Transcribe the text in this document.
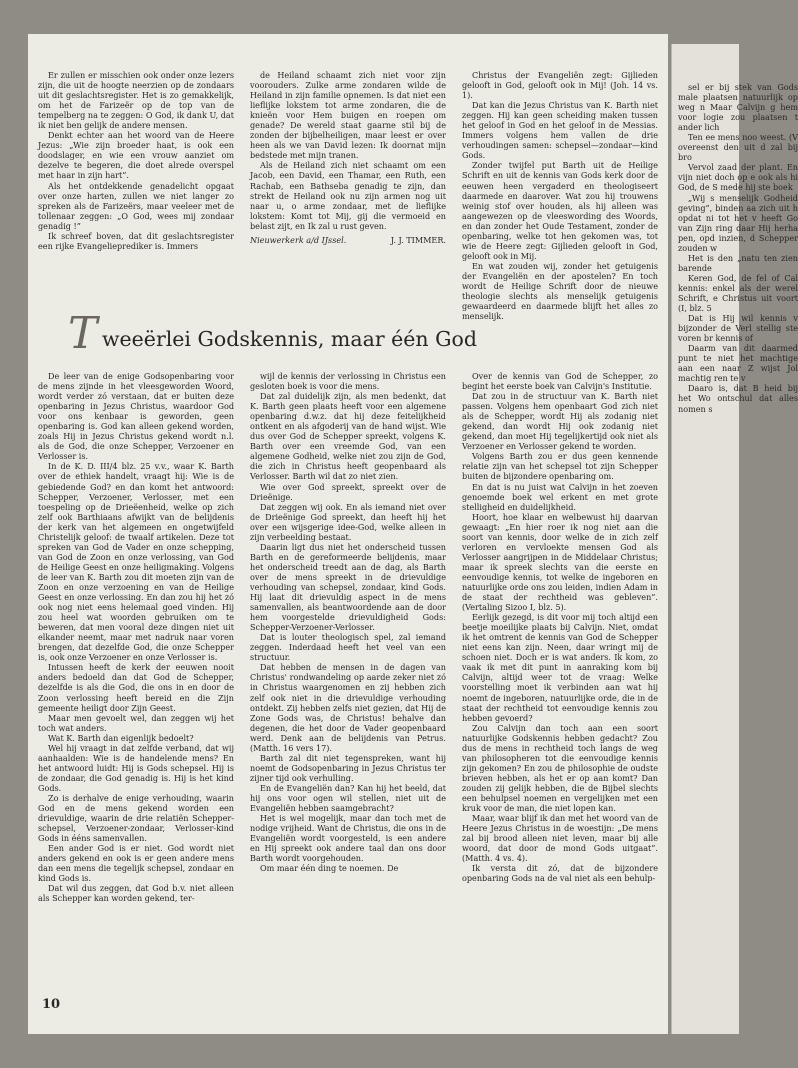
Er zullen er misschien ook onder onze lezers zijn, die uit de hoogte neerzien op de zondaars uit dit geslachtsregister. Het is zo gemakkelijk, om het de Farizeër op de top van de tempelberg na te zeggen: O God, ik dank U, dat ik niet ben gelijk de andere mensen.

Denkt echter aan het woord van de Heere Jezus: „Wie zijn broeder haat, is ook een doodslager, en wie een vrouw aanziet om dezelve te begeren, die doet alrede overspel met haar in zijn hart”.

Als het ontdekkende genadelicht opgaat over onze harten, zullen we niet langer zo spreken als de Farizeërs, maar veeleer met de tollenaar zeggen: „O God, wees mij zondaar genadig !”

Ik schreef boven, dat dit geslachtsregister een rijke Evangelieprediker is. Immers

de Heiland schaamt zich niet voor zijn voorouders. Zulke arme zondaren wilde de Heiland in zijn familie opnemen. Is dat niet een lieflijke lokstem tot arme zondaren, die de knieën voor Hem buigen en roepen om genade? De wereld staat gaarne stil bij de zonden der bijbelheiligen, maar leest er over heen als we van David lezen: Ik doornat mijn bedstede met mijn tranen.

Als de Heiland zich niet schaamt om een Jacob, een David, een Thamar, een Ruth, een Rachab, een Bathseba genadig te zijn, dan strekt de Heiland ook nu zijn armen nog uit naar u, o arme zondaar, met de lieflijke lokstem: Komt tot Mij, gij die vermoeid en belast zijt, en Ik zal u rust geven.

J. J. TIMMER.

Nieuwerkerk a/d IJssel.

Christus der Evangeliën zegt: Gijlieden gelooft in God, gelooft ook in Mij! (Joh. 14 vs. 1).

Dat kan die Jezus Christus van K. Barth niet zeggen. Hij kan geen scheiding maken tussen het geloof in God en het geloof in de Messias. Immers volgens hem vallen de drie verhoudingen samen: schepsel—zondaar—kind Gods.

Zonder twijfel put Barth uit de Heilige Schrift en uit de kennis van Gods kerk door de eeuwen heen vergaderd en theologiseert daarmede en daarover. Wat zou hij trouwens weinig stof over houden, als hij alleen was aangewezen op de vleeswording des Woords, en dan zonder het Oude Testament, zonder de openbaring, welke tot hen gekomen was, tot wie de Heere zegt: Gijlieden gelooft in God, gelooft ook in Mij.

En wat zouden wij, zonder het getuigenis der Evangeliën en der apostelen? En toch wordt de Heilige Schrift door de nieuwe theologie slechts als menselijk getuigenis gewaardeerd en daarmede blijft het alles zo menselijk.

T weeërlei Godskennis, maar één God

De leer van de enige Godsopenbaring voor de mens zijnde in het vleesgeworden Woord, wordt verder zó verstaan, dat er buiten deze openbaring in Jezus Christus, waardoor God voor ons kenbaar is geworden, geen openbaring is. God kan alleen gekend worden, zoals Hij in Jezus Christus gekend wordt n.l. als de God, die onze Schepper, Verzoener en Verlosser is.

In de K. D. III/4 blz. 25 v.v., waar K. Barth over de ethiek handelt, vraagt hij: Wie is de gebiedende God? en dan komt het antwoord: Schepper, Verzoener, Verlosser, met een toespeling op de Drieëenheid, welke op zich zelf ook Barthiaans afwijkt van de belijdenis der kerk van het algemeen en ongetwijfeld Christelijk geloof: de twaalf artikelen. Deze tot spreken van God de Vader en onze schepping, van God de Zoon en onze verlossing, van God de Heilige Geest en onze heiligmaking. Volgens de leer van K. Barth zou dit moeten zijn van de Zoon en onze verzoening en van de Heilige Geest en onze verlossing. En dan zou hij het zó ook nog niet eens helemaal goed vinden. Hij zou heel wat woorden gebruiken om te beweren, dat men vooral deze dingen niet uit elkander neemt, maar met nadruk naar voren brengen, dat dezelfde God, die onze Schepper is, ook onze Verzoener en onze Verlosser is.

Intussen heeft de kerk der eeuwen nooit anders bedoeld dan dat God de Schepper, dezelfde is als die God, die ons in en door de Zoon verlossing heeft bereid en die Zijn gemeente heiligt door Zijn Geest.

Maar men gevoelt wel, dan zeggen wij het toch wat anders.

Wat K. Barth dan eigenlijk bedoelt?

Wel hij vraagt in dat zelfde verband, dat wij aanhaalden: Wie is de handelende mens? En het antwoord luidt: Hij is Gods schepsel. Hij is de zondaar, die God genadig is. Hij is het kind Gods.

Zo is derhalve de enige verhouding, waarin God en de mens gekend worden een drievuldige, waarin de drie relatiën Schepper-schepsel, Verzoener-zondaar, Verlosser-kind Gods in ééns samenvallen.

Een ander God is er niet. God wordt niet anders gekend en ook is er geen andere mens dan een mens die tegelijk schepsel, zondaar en kind Gods is.

Dat wil dus zeggen, dat God b.v. niet alleen als Schepper kan worden gekend, ter-

wijl de kennis der verlossing in Christus een gesloten boek is voor die mens.

Dat zal duidelijk zijn, als men bedenkt, dat K. Barth geen plaats heeft voor een algemene openbaring d.w.z. dat hij deze feitelijkheid ontkent en als afgoderij van de hand wijst. Wie dus over God de Schepper spreekt, volgens K. Barth over een vreemde God, van een algemene Godheid, welke niet zou zijn de God, die zich in Christus heeft geopenbaard als Verlosser. Barth wil dat zo niet zien.

Wie over God spreekt, spreekt over de Drieënige.

Dat zeggen wij ook. En als iemand niet over de Drieënige God spreekt, dan heeft hij het over een wijsgerige idee-God, welke alleen in zijn verbeelding bestaat.

Daarin ligt dus niet het onderscheid tussen Barth en de gereformeerde belijdenis, maar het onderscheid treedt aan de dag, als Barth over de mens spreekt in de drievuldige verhouding van schepsel, zondaar, kind Gods. Hij laat dit drievuldig aspect in de mens samenvallen, als beantwoordende aan de door hem voorgestelde drievuldigheid Gods: Schepper-Verzoener-Verlosser.

Dat is louter theologisch spel, zal iemand zeggen. Inderdaad heeft het veel van een structuur.

Dat hebben de mensen in de dagen van Christus' rondwandeling op aarde zeker niet zó in Christus waargenomen en zij hebben zich zelf ook niet in die drievuldige verhouding ontdekt. Zij hebben zelfs niet gezien, dat Hij de Zone Gods was, de Christus! behalve dan degenen, die het door de Vader geopenbaard werd. Denk aan de belijdenis van Petrus. (Matth. 16 vers 17).

Barth zal dit niet tegenspreken, want hij noemt de Godsopenbaring in Jezus Christus ter zijner tijd ook verhulling.

En de Evangeliën dan? Kan hij het beeld, dat hij ons voor ogen wil stellen, niet uit de Evangeliën hebben saamgebracht?

Het is wel mogelijk, maar dan toch met de nodige vrijheid. Want de Christus, die ons in de Evangeliën wordt voorgesteld, is een andere en Hij spreekt ook andere taal dan ons door Barth wordt voorgehouden.

Om maar één ding te noemen. De

Over de kennis van God de Schepper, zo begint het eerste boek van Calvijn's Institutie.

Dat zou in de structuur van K. Barth niet passen. Volgens hem openbaart God zich niet als de Schepper, wordt Hij als zodanig niet gekend, dan wordt Hij ook zodanig niet gekend, dan moet Hij tegelijkertijd ook niet als Verzoener en Verlosser gekend te worden.

Volgens Barth zou er dus geen kennende relatie zijn van het schepsel tot zijn Schepper buiten de bijzondere openbaring om.

En dat is nu juist wat Calvijn in het zoeven genoemde boek wel erkent en met grote stelligheid en duidelijkheid.

Hoort, hoe klaar en welbewust hij daarvan gewaagt: „En hier roer ik nog niet aan die soort van kennis, door welke de in zich zelf verloren en vervloekte mensen God als Verlosser aangrijpen in de Middelaar Christus; maar ik spreek slechts van die eerste en eenvoudige kennis, tot welke de ingeboren en natuurlijke orde ons zou leiden, indien Adam in de staat der rechtheid was gebleven”. (Vertaling Sizoo I, blz. 5).

Eerlijk gezegd, is dit voor mij toch altijd een beetje moeilijke plaats bij Calvijn. Niet, omdat ik het omtrent de kennis van God de Schepper niet eens kan zijn. Neen, daar wringt mij de schoen niet. Doch er is wat anders. Ik kom, zo vaak ik met dit punt in aanraking kom bij Calvijn, altijd weer tot de vraag: Welke voorstelling moet ik verbinden aan wat hij noemt de ingeboren, natuurlijke orde, die in de staat der rechtheid tot eenvoudige kennis zou hebben gevoerd?

Zou Calvijn dan toch aan een soort natuurlijke Godskennis hebben gedacht? Zou dus de mens in rechtheid toch langs de weg van philosopheren tot die eenvoudige kennis zijn gekomen? En zou de philosophie de oudste brieven hebben, als het er op aan komt? Dan zouden zij gelijk hebben, die de Bijbel slechts een behulpsel noemen en vergelijken met een kruk voor de man, die niet lopen kan.

Maar, waar blijf ik dan met het woord van de Heere Jezus Christus in de woestijn: „De mens zal bij brood alleen niet leven, maar bij alle woord, dat door de mond Gods uitgaat”. (Matth. 4 vs. 4).

Ik versta dit zó, dat de bijzondere openbaring Gods na de val niet als een behulp-

10

sel er bij stek van Gods male plaatsen natuurlijk op weg n Maar Calvijn g hem voor logie zou plaatsen t ander lich

Ten ee mens noo weest. (V overeenst den uit d zal bij bro

Vervol zaad der plant. En vijn niet doch op e ook als hi God, de S mede hij ste boek

„Wij s menselijk Godheid geving”, binden aa zich uit h opdat ni tot het v heeft Go van Zijn ring daar Hij herha pen, opd inzien, d Schepper zouden w

Het is den „natu ten zien barende

Keren God, de fel of Cal kennis: enkel als der werel Schrift, e Christus uit voort (I, blz. 5

Dat is Hij wil kennis v bijzonder de Verl stellig ste voren br kennis of

Daarm van dit daarmed punt te niet het machtige aan een naar Z wijst Jol machtig ren te v

Daaro is, dat B heid bij het Wo ontschul dat alles nomen s
